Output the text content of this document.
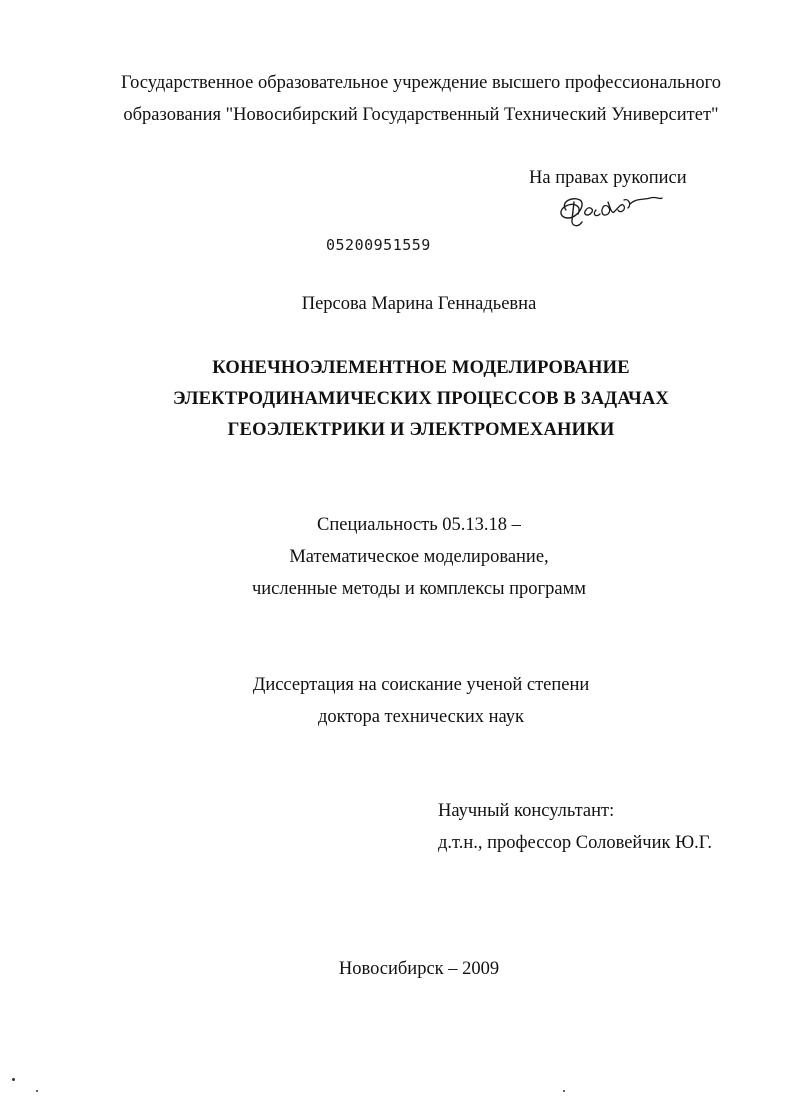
Государственное образовательное учреждение высшего профессионального
образования "Новосибирский Государственный Технический Университет"
На правах рукописи
05200951559
Персова Марина Геннадьевна
КОНЕЧНОЭЛЕМЕНТНОЕ МОДЕЛИРОВАНИЕ
ЭЛЕКТРОДИНАМИЧЕСКИХ ПРОЦЕССОВ В ЗАДАЧАХ
ГЕОЭЛЕКТРИКИ И ЭЛЕКТРОМЕХАНИКИ
Специальность 05.13.18 –
Математическое моделирование,
численные методы и комплексы программ
Диссертация на соискание ученой степени
доктора технических наук
Научный консультант:
д.т.н., профессор Соловейчик Ю.Г.
Новосибирск – 2009
